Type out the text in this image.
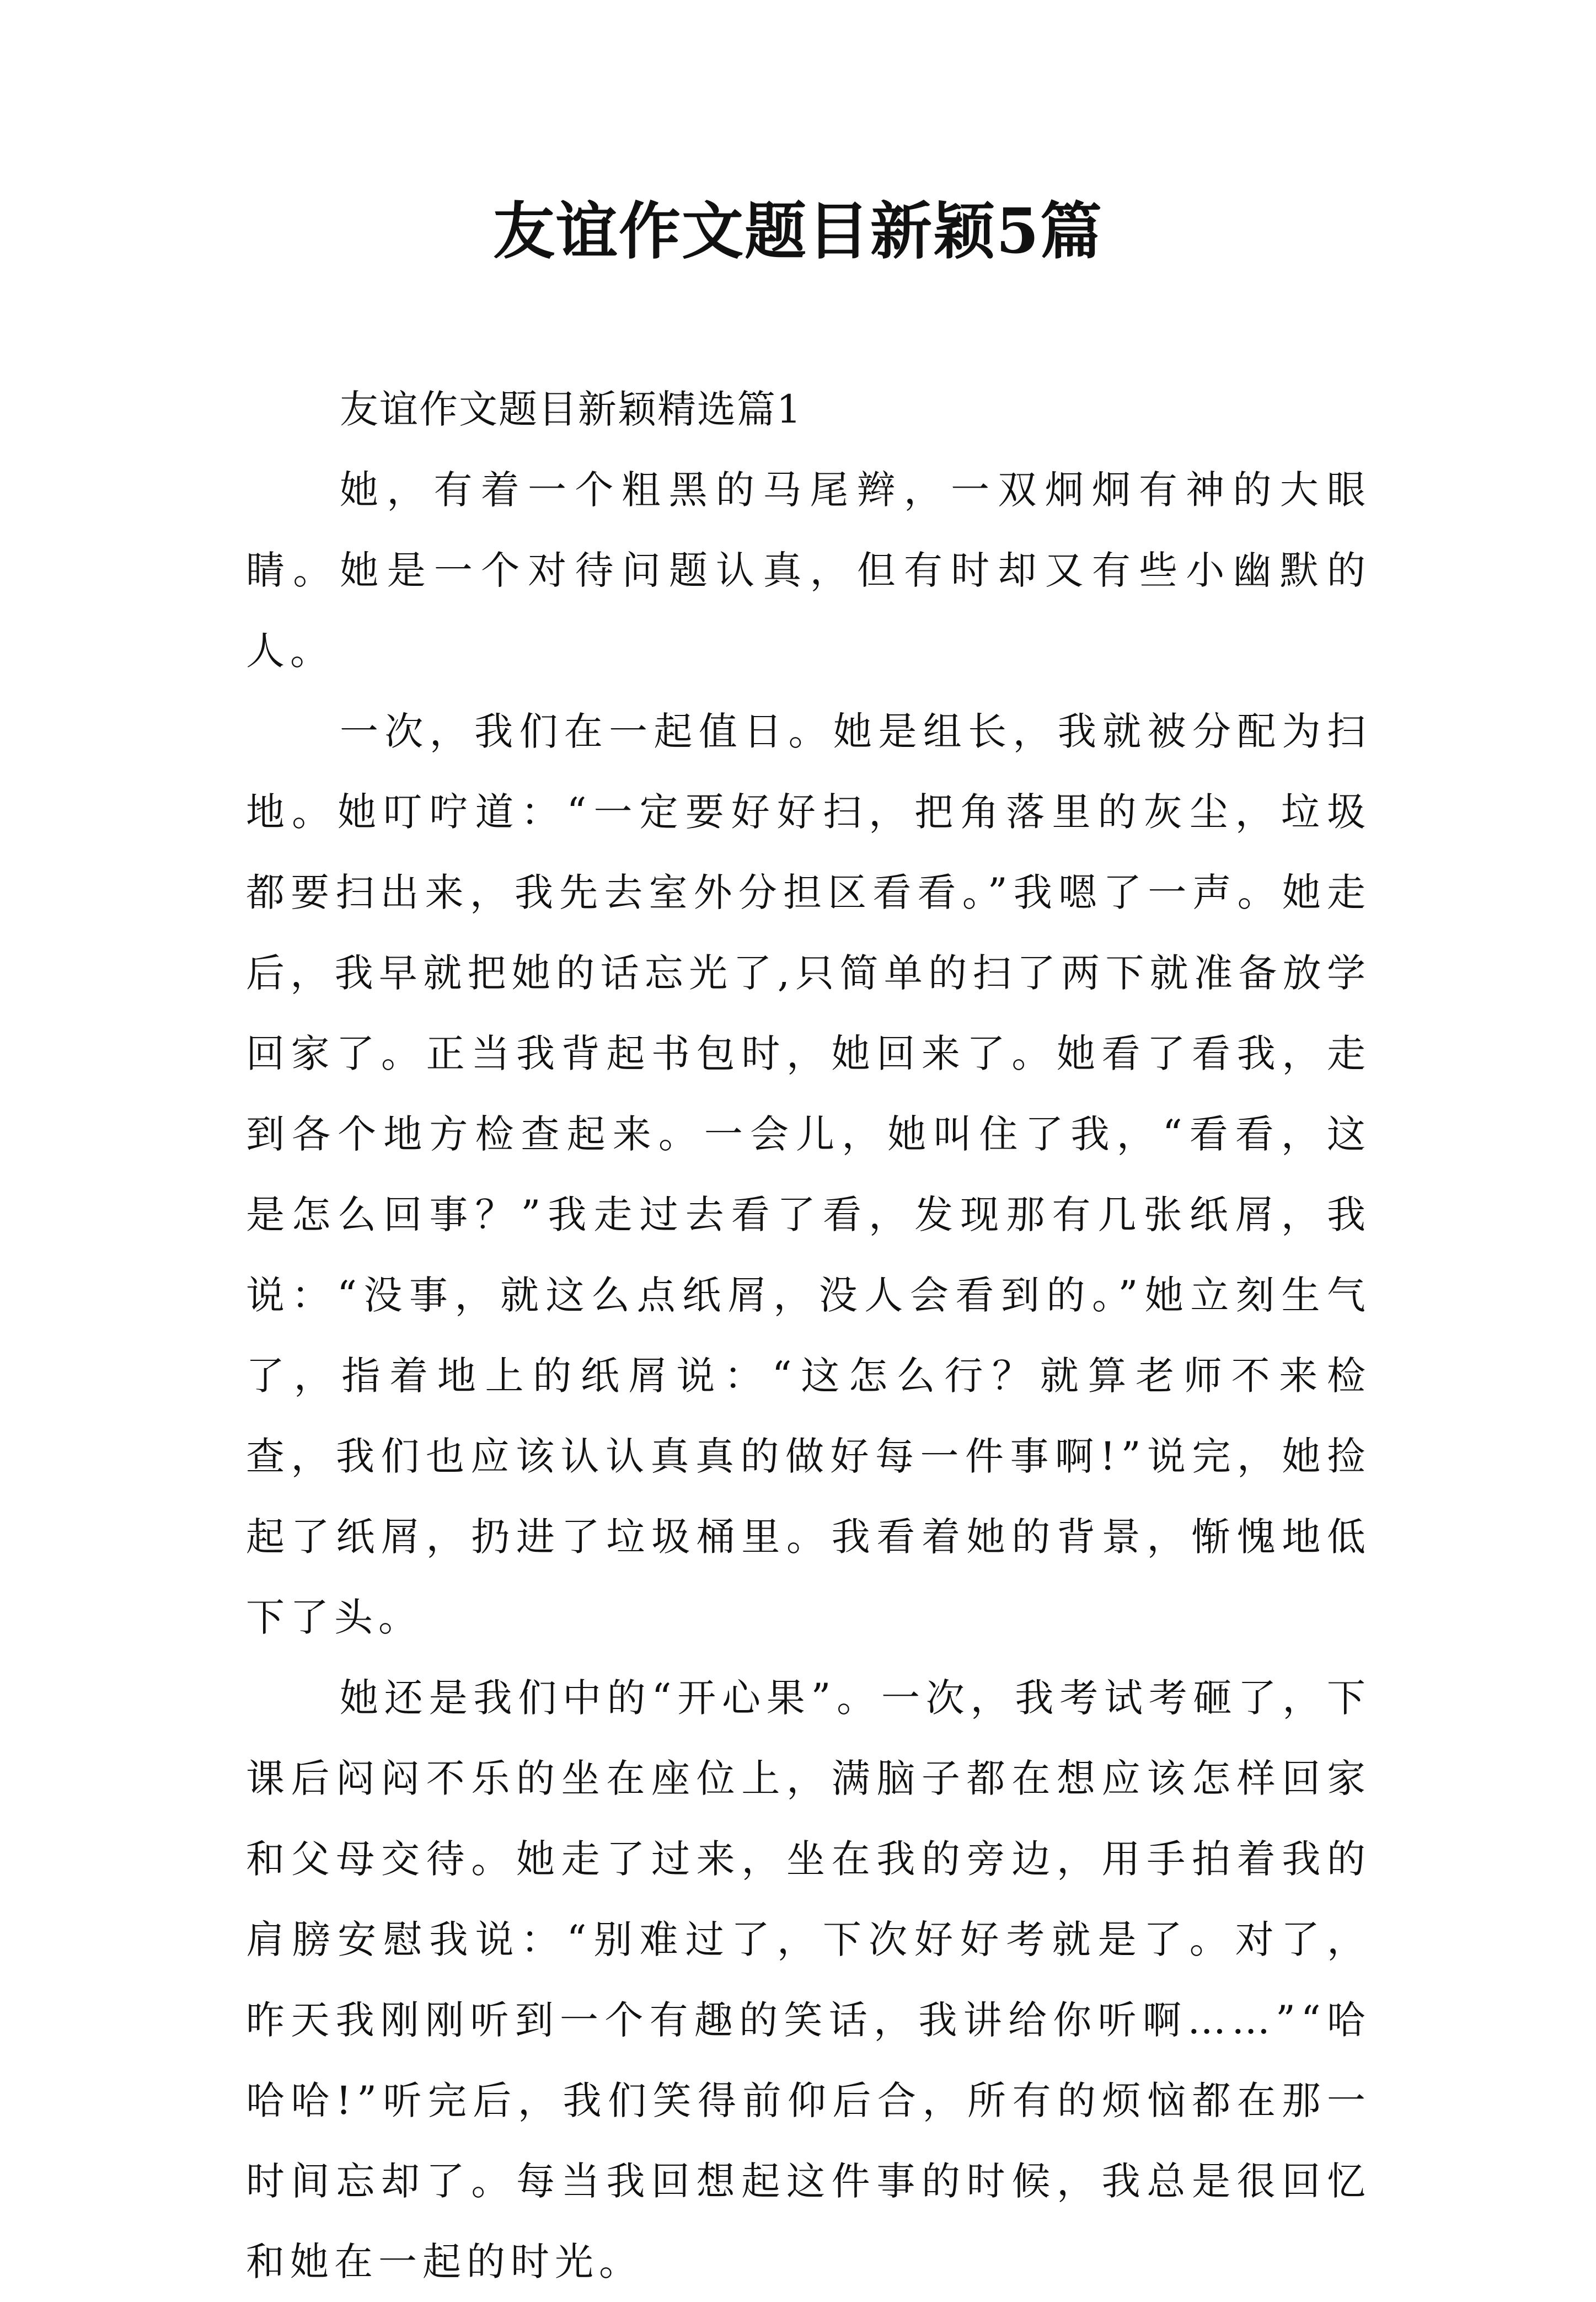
友谊作文题目新颖5篇
友谊作文题目新颖精选篇1

她，有着一个粗黑的马尾辫，一双炯炯有神的大眼睛。她是一个对待问题认真，但有时却又有些小幽默的人。

一次，我们在一起值日。她是组长，我就被分配为扫地。她叮咛道：“一定要好好扫，把角落里的灰尘，垃圾都要扫出来，我先去室外分担区看看。”我嗯了一声。她走后，我早就把她的话忘光了,只简单的扫了两下就准备放学回家了。正当我背起书包时，她回来了。她看了看我，走到各个地方检查起来。一会儿，她叫住了我，“看看，这是怎么回事？”我走过去看了看，发现那有几张纸屑，我说：“没事，就这么点纸屑，没人会看到的。”她立刻生气了，指着地上的纸屑说：“这怎么行？就算老师不来检查，我们也应该认认真真的做好每一件事啊!”说完，她捡起了纸屑，扔进了垃圾桶里。我看着她的背景，惭愧地低下了头。

她还是我们中的“开心果”。一次，我考试考砸了，下课后闷闷不乐的坐在座位上，满脑子都在想应该怎样回家和父母交待。她走了过来，坐在我的旁边，用手拍着我的肩膀安慰我说：“别难过了，下次好好考就是了。对了，昨天我刚刚听到一个有趣的笑话，我讲给你听啊……”“哈哈哈!”听完后，我们笑得前仰后合，所有的烦恼都在那一时间忘却了。每当我回想起这件事的时候，我总是很回忆和她在一起的时光。
